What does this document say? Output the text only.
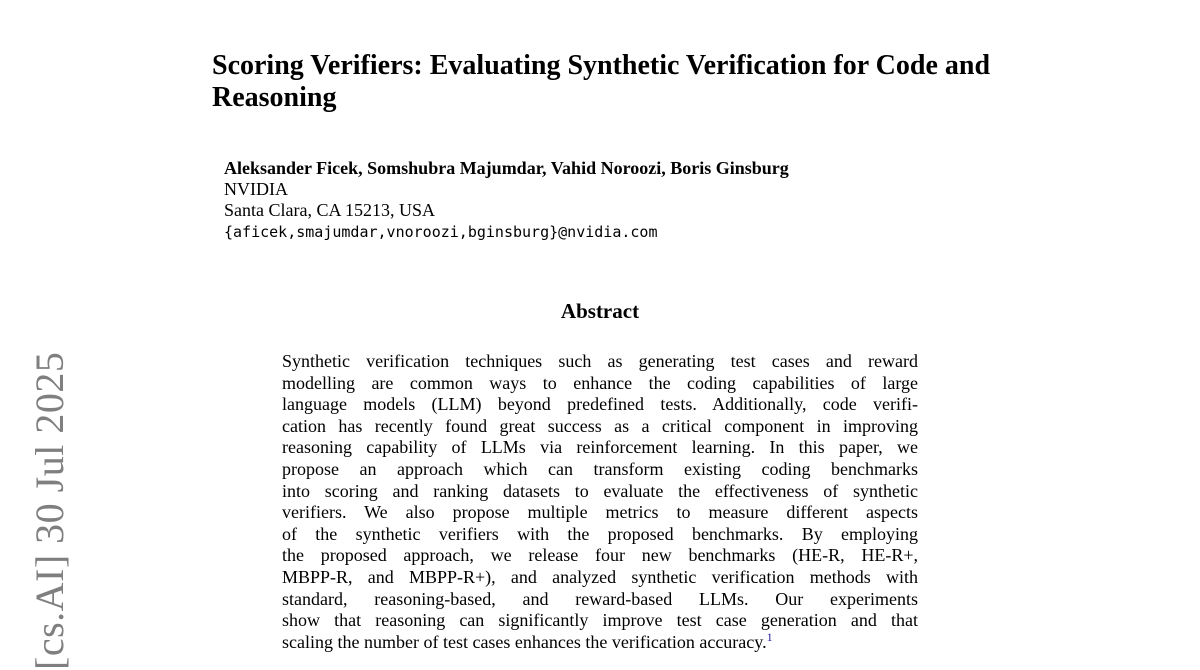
[cs.AI] 30 Jul 2025
Scoring Verifiers: Evaluating Synthetic Verification for Code and Reasoning
Aleksander Ficek, Somshubra Majumdar, Vahid Noroozi, Boris Ginsburg
NVIDIA
Santa Clara, CA 15213, USA
{aficek,smajumdar,vnoroozi,bginsburg}@nvidia.com
Abstract
Synthetic verification techniques such as generating test cases and reward
modelling are common ways to enhance the coding capabilities of large
language models (LLM) beyond predefined tests. Additionally, code verifi-
cation has recently found great success as a critical component in improving
reasoning capability of LLMs via reinforcement learning. In this paper, we
propose an approach which can transform existing coding benchmarks
into scoring and ranking datasets to evaluate the effectiveness of synthetic
verifiers. We also propose multiple metrics to measure different aspects
of the synthetic verifiers with the proposed benchmarks. By employing
the proposed approach, we release four new benchmarks (HE-R, HE-R+,
MBPP-R, and MBPP-R+), and analyzed synthetic verification methods with
standard, reasoning-based, and reward-based LLMs. Our experiments
show that reasoning can significantly improve test case generation and that
scaling the number of test cases enhances the verification accuracy.$^1$
